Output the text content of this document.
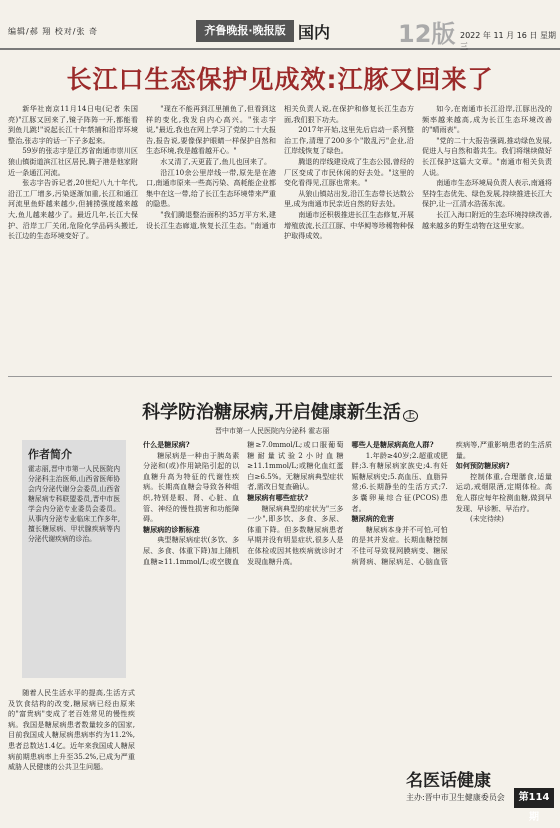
编辑/郝 翔 校对/张 奇	齐鲁晚报·晚报版 国内	12版 2022 年 11 月 16 日 星期三
长江口生态保护见成效:江豚又回来了

新华社南京11月14日电(记者 朱国亮)"江豚又回来了,镜子阵阵一开,都能看到鱼儿跳!"说起长江十年禁捕和沿岸环境整治,张志宇的话一下子多起来。

59岁的张志宇是江苏省南通市崇川区狼山镇街道滨江社区居民,腾子港是他家附近一条通江河流。

张志宇告诉记者,20世纪八九十年代,沿江工厂增多,污染逐渐加重,长江和通江河流里鱼虾越来越少,但捕捞强度越来越大,鱼儿越来越少了。最近几年,长江大保护、沿岸工厂关闭,危险化学品码头搬迁,长江边的生态环境变好了。

"现在不能再到江里捕鱼了,但看到这样的变化,我发自内心高兴。"张志宇说,"最近,我也在网上学习了党的二十大报告,报告说,要像保护眼睛一样保护自然和生态环境,我是越看越开心。"

水又清了,天更蓝了,鱼儿也回来了。

沿江10余公里岸线一带,原先是在港口,南通市原来一些高污染、高耗能企业都集中在这一带,给了长江生态环境带来严重的隐患。

"我们腾退整治面积约35万平方米,建设长江生态廊道,恢复长江生态。"南通市相关负责人说,在保护和修复长江生态方面,我们狠下功夫。

2017年开始,这里先后启动一系列整治工作,清理了200多个"散乱污"企业,沿江岸线恢复了绿色。

腾退的岸线建设成了生态公园,曾经的厂区变成了市民休闲的好去处。"这里的变化看得见,江豚也常来。"

从狼山镇站出发,沿江生态带长达数公里,成为南通市民亲近自然的好去处。

南通市还积极推进长江生态修复,开展增殖放流,长江江豚、中华鲟等珍稀物种保护取得成效。

如今,在南通市长江沿岸,江豚出没的频率越来越高,成为长江生态环境改善的"晴雨表"。

"党的二十大报告强调,推动绿色发展,促进人与自然和谐共生。我们将继续做好长江保护这篇大文章。"南通市相关负责人说。

南通市生态环境局负责人表示,南通将坚持生态优先、绿色发展,持续推进长江大保护,让一江清水浩荡东流。

长江入海口附近的生态环境持续改善,越来越多的野生动物在这里安家。

科学防治糖尿病,开启健康新生活 上
晋中市第一人民医院内分泌科 霍志丽
作者简介
霍志丽,晋中市第一人民医院内分泌科主治医师,山西省医师协会内分泌代谢分会委员,山西省糖尿病专科联盟委员,晋中市医学会内分泌专业委员会委员。从事内分泌专业临床工作多年,擅长糖尿病、甲状腺疾病等内分泌代谢疾病的诊治。

随着人民生活水平的提高,生活方式及饮食结构的改变,糖尿病已经由原来的"富贵病"变成了老百姓常见的慢性疾病。我国是糖尿病患者数量较多的国家,目前我国成人糖尿病患病率约为11.2%,患者总数达1.4亿。近年来我国成人糖尿病前期患病率上升至35.2%,已成为严重威胁人民健康的公共卫生问题。

什么是糖尿病?

糖尿病是一种由于胰岛素分泌和(或)作用缺陷引起的以血糖升高为特征的代谢性疾病。长期高血糖会导致各种组织,特别是眼、肾、心脏、血管、神经的慢性损害和功能障碍。

糖尿病的诊断标准

典型糖尿病症状(多饮、多尿、多食、体重下降)加上随机血糖≥11.1mmol/L;或空腹血糖≥7.0mmol/L;或口服葡萄糖耐量试验2小时血糖≥11.1mmol/L;或糖化血红蛋白≥6.5%。无糖尿病典型症状者,需改日复查确认。

糖尿病有哪些症状?

糖尿病典型的症状为"三多一少",即多饮、多食、多尿、体重下降。但多数糖尿病患者早期并没有明显症状,很多人是在体检或因其他疾病就诊时才发现血糖升高。

哪些人是糖尿病高危人群?

1.年龄≥40岁;2.超重或肥胖;3.有糖尿病家族史;4.有妊娠糖尿病史;5.高血压、血脂异常;6.长期静坐的生活方式;7.多囊卵巢综合征(PCOS)患者。

糖尿病的危害

糖尿病本身并不可怕,可怕的是其并发症。长期血糖控制不佳可导致视网膜病变、糖尿病肾病、糖尿病足、心脑血管疾病等,严重影响患者的生活质量。

如何预防糖尿病?

控制体重,合理膳食,适量运动,戒烟限酒,定期体检。高危人群应每年检测血糖,做到早发现、早诊断、早治疗。

(未完待续)

名医话健康
主办:晋中市卫生健康委员会	第114期
